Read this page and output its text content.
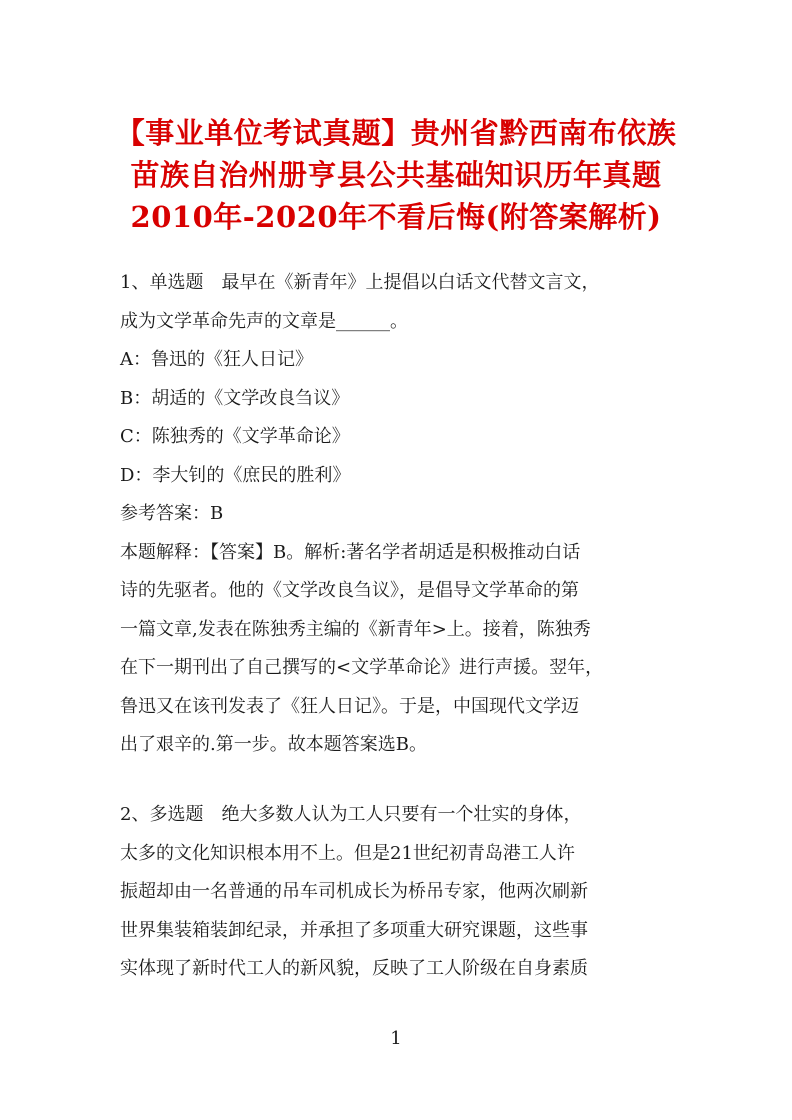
【事业单位考试真题】贵州省黔西南布依族
苗族自治州册亨县公共基础知识历年真题
2010年-2020年不看后悔(附答案解析)
1、单选题　最早在《新青年》上提倡以白话文代替文言文，
成为文学革命先声的文章是______。
A：鲁迅的《狂人日记》
B：胡适的《文学改良刍议》
C：陈独秀的《文学革命论》
D：李大钊的《庶民的胜利》
参考答案：B
本题解释：【答案】B。解析:著名学者胡适是积极推动白话
诗的先驱者。他的《文学改良刍议》，是倡导文学革命的第
一篇文章,发表在陈独秀主编的《新青年>上。接着，陈独秀
在下一期刊出了自己撰写的<文学革命论》进行声援。翌年，
鲁迅又在该刊发表了《狂人日记》。于是，中国现代文学迈
出了艰辛的.第一步。故本题答案选B。
2、多选题　绝大多数人认为工人只要有一个壮实的身体，
太多的文化知识根本用不上。但是21世纪初青岛港工人许
振超却由一名普通的吊车司机成长为桥吊专家，他两次刷新
世界集装箱装卸纪录，并承担了多项重大研究课题，这些事
实体现了新时代工人的新风貌，反映了工人阶级在自身素质
1
